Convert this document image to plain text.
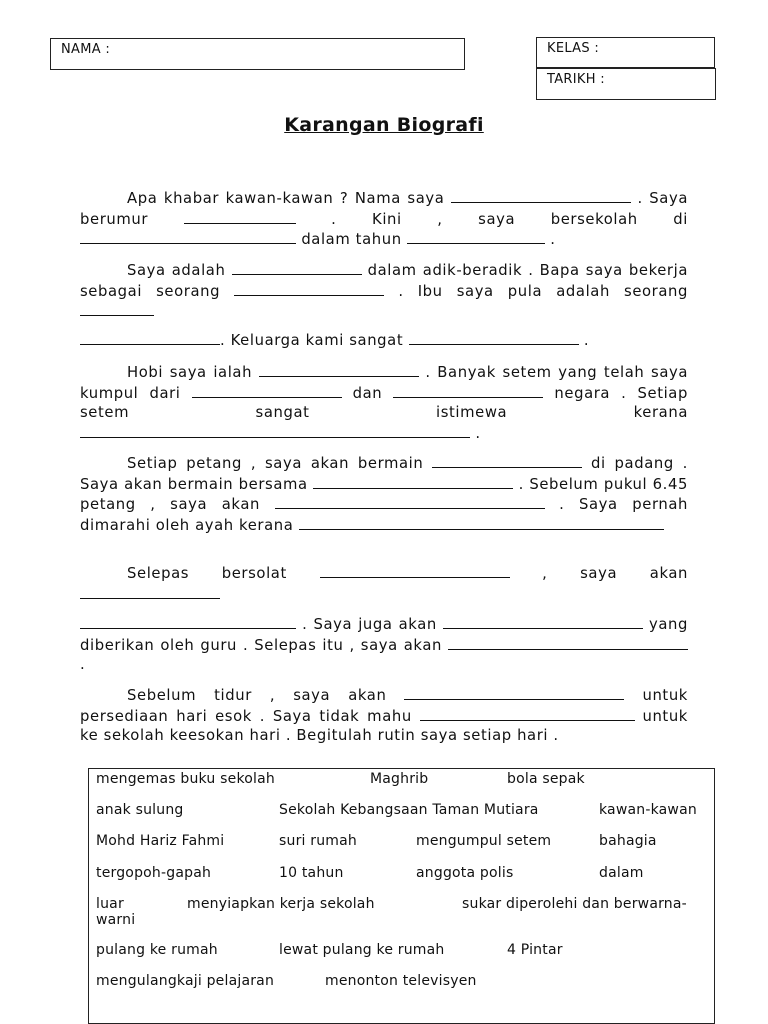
NAMA :	KELAS :
TARIKH :
Karangan Biografi
Apa khabar kawan-kawan ? Nama saya	. Saya berumur	. Kini , saya bersekolah di  dalam tahun	.
Saya adalah	dalam adik-beradik . Bapa saya bekerja sebagai seorang	. Ibu saya pula adalah seorang
. Keluarga kami sangat	.
Hobi saya ialah	. Banyak setem yang telah saya kumpul dari	dan	negara . Setiap setem sangat istimewa kerana  .
Setiap petang , saya akan bermain	di padang . Saya akan bermain bersama	. Sebelum pukul 6.45 petang , saya akan	. Saya pernah dimarahi oleh ayah kerana
Selepas bersolat	, saya akan
. Saya juga akan	yang diberikan oleh guru . Selepas itu , saya akan  .
Sebelum tidur , saya akan	untuk persediaan hari esok . Saya tidak mahu	untuk ke sekolah keesokan hari . Begitulah rutin saya setiap hari .
mengemas buku sekolah	Maghrib	bola sepak
anak sulung	Sekolah Kebangsaan Taman Mutiara	kawan-kawan
Mohd Hariz Fahmi	suri rumah	mengumpul setem	bahagia
tergopoh-gapah	10 tahun	anggota polis	dalam
luar	menyiapkan kerja sekolah	sukar diperolehi dan berwarna-
warni
pulang ke rumah	lewat pulang ke rumah	4 Pintar
mengulangkaji pelajaran	menonton televisyen
